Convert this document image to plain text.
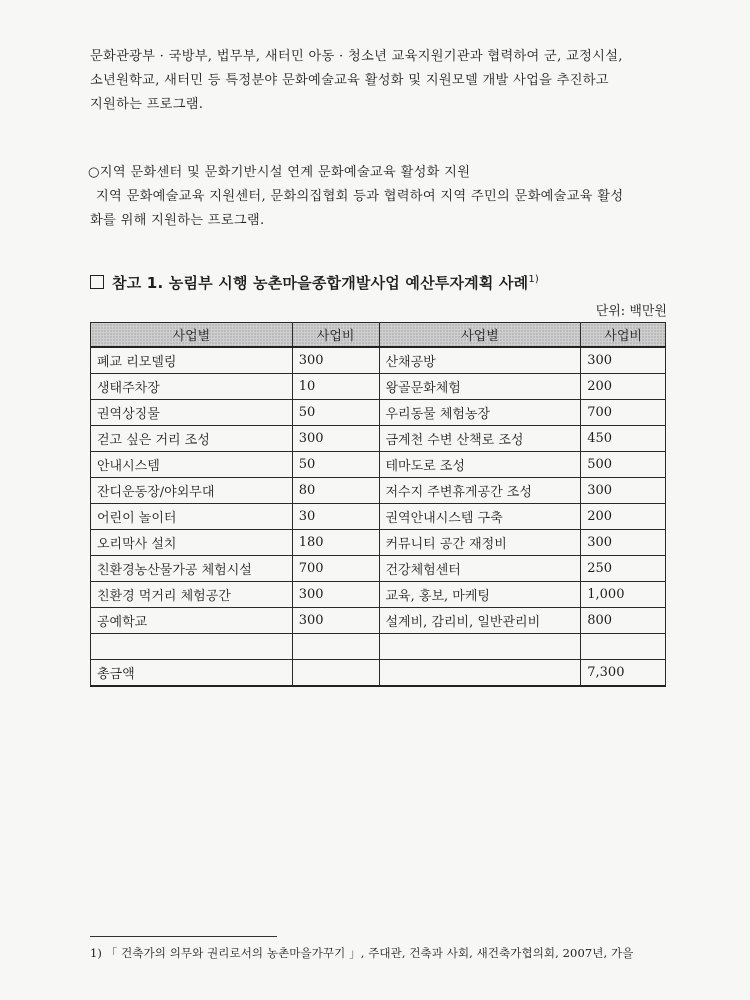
문화관광부 · 국방부, 법무부, 새터민 아동 · 청소년 교육지원기관과 협력하여 군, 교정시설,
소년원학교, 새터민 등 특정분야 문화예술교육 활성화 및 지원모델 개발 사업을 추진하고
지원하는 프로그램.

○지역 문화센터 및 문화기반시설 연계 문화예술교육 활성화 지원

지역 문화예술교육 지원센터, 문화의집협회 등과 협력하여 지역 주민의 문화예술교육 활성
화를 위해 지원하는 프로그램.

참고 1. 농림부 시행 농촌마을종합개발사업 예산투자계획 사례$^{1)}$
단위: 백만원
사업별	사업비	사업별	사업비
폐교 리모델링	300	산채공방	300
생태주차장	10	왕골문화체험	200
권역상징물	50	우리동물 체험농장	700
걷고 싶은 거리 조성	300	금계천 수변 산책로 조성	450
안내시스템	50	테마도로 조성	500
잔디운동장/야외무대	80	저수지 주변휴게공간 조성	300
어린이 놀이터	30	권역안내시스템 구축	200
오리막사 설치	180	커뮤니티 공간 재정비	300
친환경농산물가공 체험시설	700	건강체험센터	250
친환경 먹거리 체험공간	300	교육, 홍보, 마케팅	1,000
공예학교	300	설계비, 감리비, 일반관리비	800

총금액			7,300
1) 「 건축가의 의무와 권리로서의 농촌마을가꾸기 」, 주대관, 건축과 사회, 새건축가협의회, 2007년, 가을
